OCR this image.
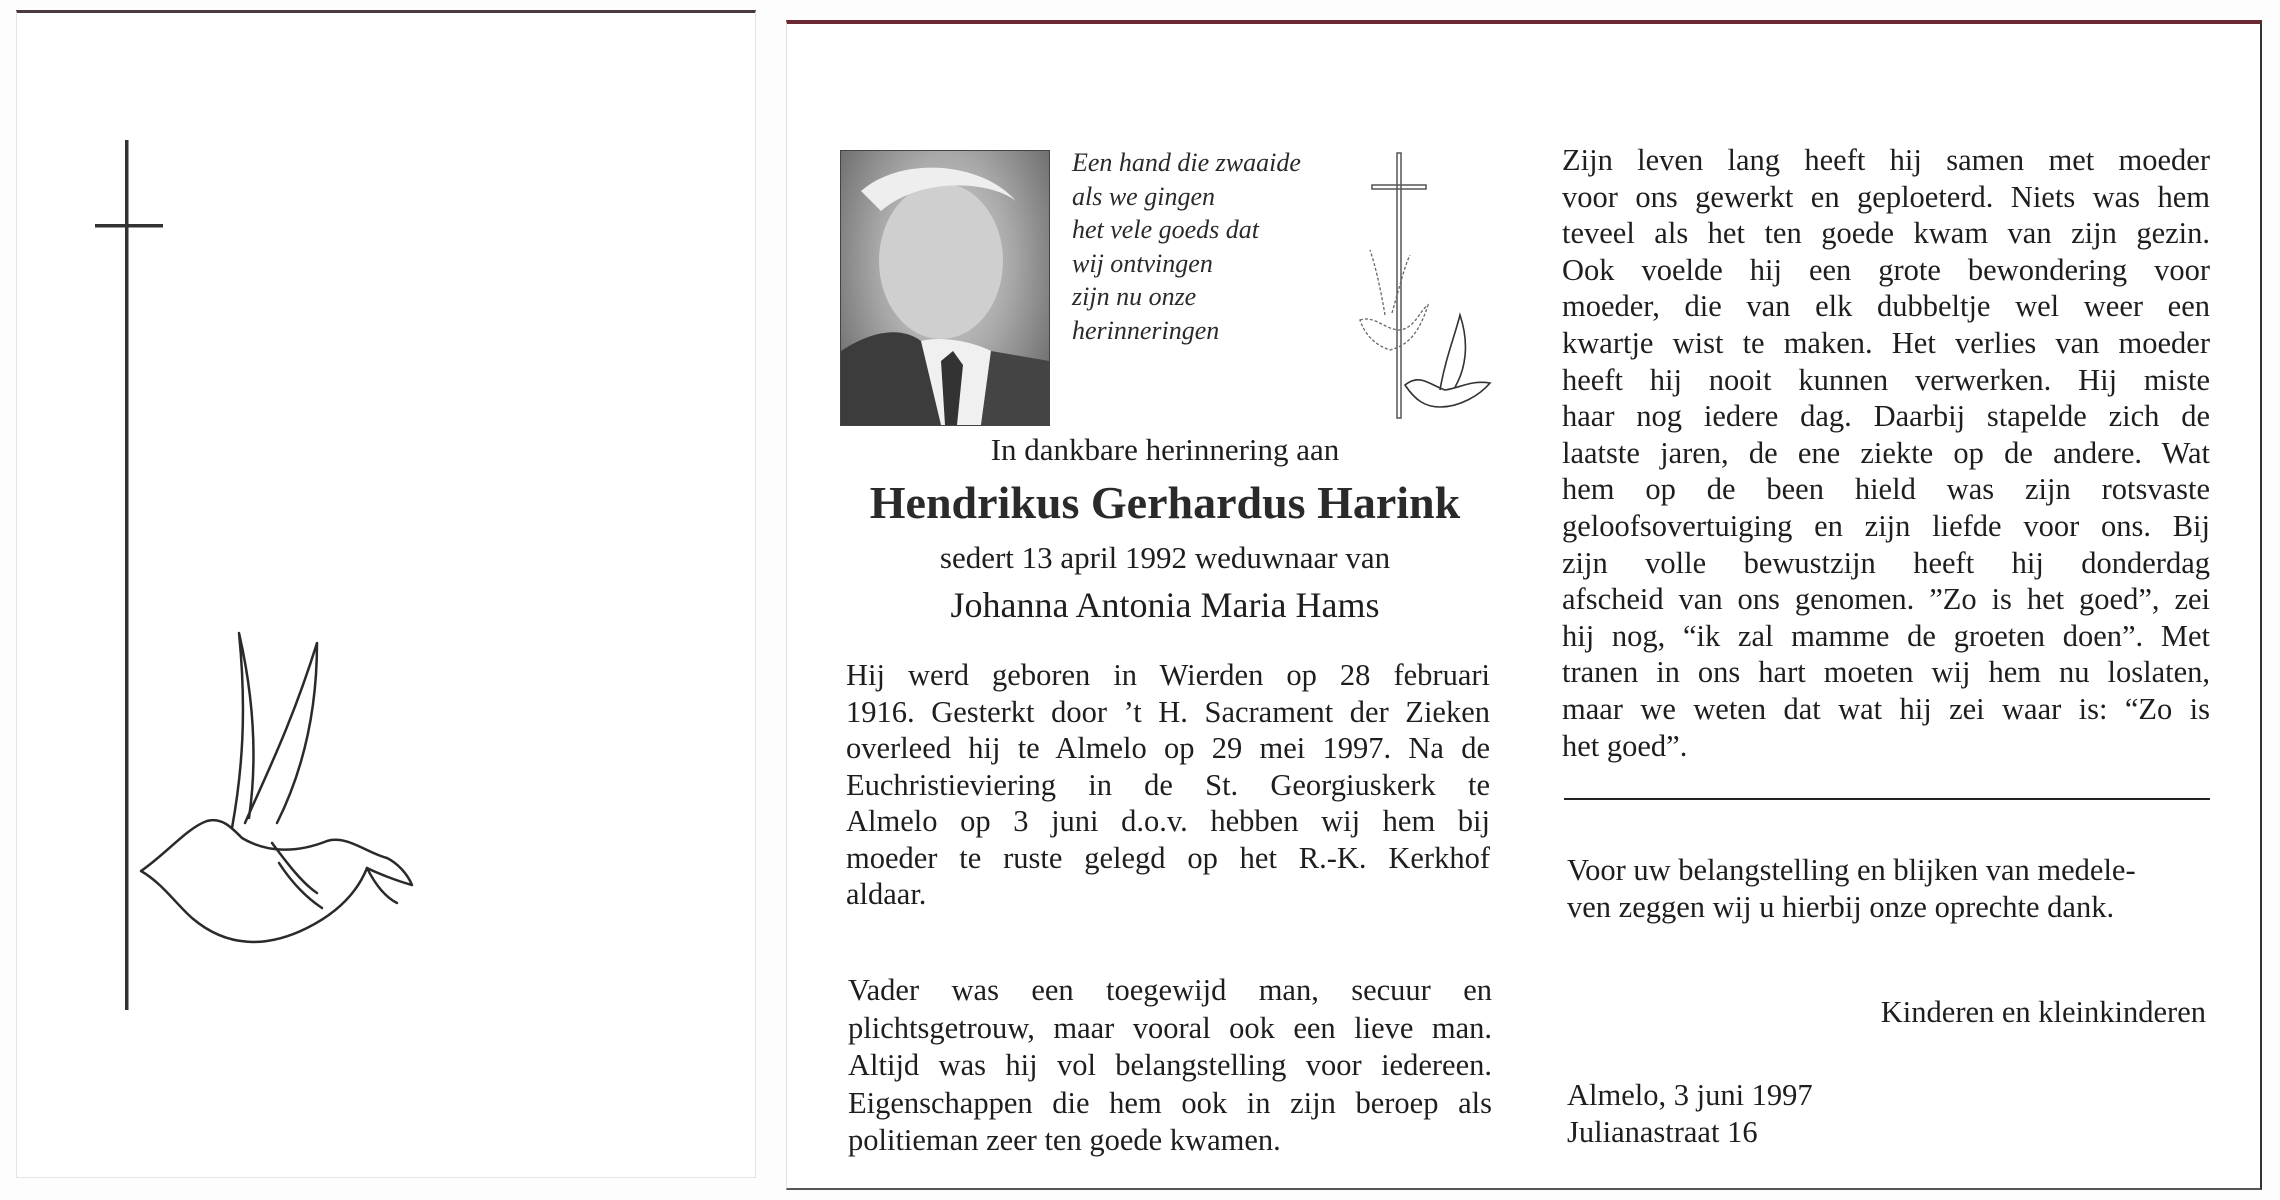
Een hand die zwaaide
als we gingen
het vele goeds dat
wij ontvingen
zijn nu onze
herinneringen
In dankbare herinnering aan
Hendrikus Gerhardus Harink
sedert 13 april 1992 weduwnaar van
Johanna Antonia Maria Hams
Hij werd geboren in Wierden op 28 februari
1916. Gesterkt door ’t H. Sacrament der Zieken
overleed hij te Almelo op 29 mei 1997. Na de
Euchristieviering in de St. Georgiuskerk te
Almelo op 3 juni d.o.v. hebben wij hem bij
moeder te ruste gelegd op het R.-K. Kerkhof
aldaar.
Vader was een toegewijd man, secuur en
plichtsgetrouw, maar vooral ook een lieve man.
Altijd was hij vol belangstelling voor iedereen.
Eigenschappen die hem ook in zijn beroep als
politieman zeer ten goede kwamen.
Zijn leven lang heeft hij samen met moeder
voor ons gewerkt en geploeterd. Niets was hem
teveel als het ten goede kwam van zijn gezin.
Ook voelde hij een grote bewondering voor
moeder, die van elk dubbeltje wel weer een
kwartje wist te maken. Het verlies van moeder
heeft hij nooit kunnen verwerken. Hij miste
haar nog iedere dag. Daarbij stapelde zich de
laatste jaren, de ene ziekte op de andere. Wat
hem op de been hield was zijn rotsvaste
geloofsovertuiging en zijn liefde voor ons. Bij
zijn volle bewustzijn heeft hij donderdag
afscheid van ons genomen. ”Zo is het goed”, zei
hij nog, “ik zal mamme de groeten doen”. Met
tranen in ons hart moeten wij hem nu loslaten,
maar we weten dat wat hij zei waar is: “Zo is
het goed”.
Voor uw belangstelling en blijken van medele-
ven zeggen wij u hierbij onze oprechte dank.
Kinderen en kleinkinderen
Almelo, 3 juni 1997
Julianastraat 16
